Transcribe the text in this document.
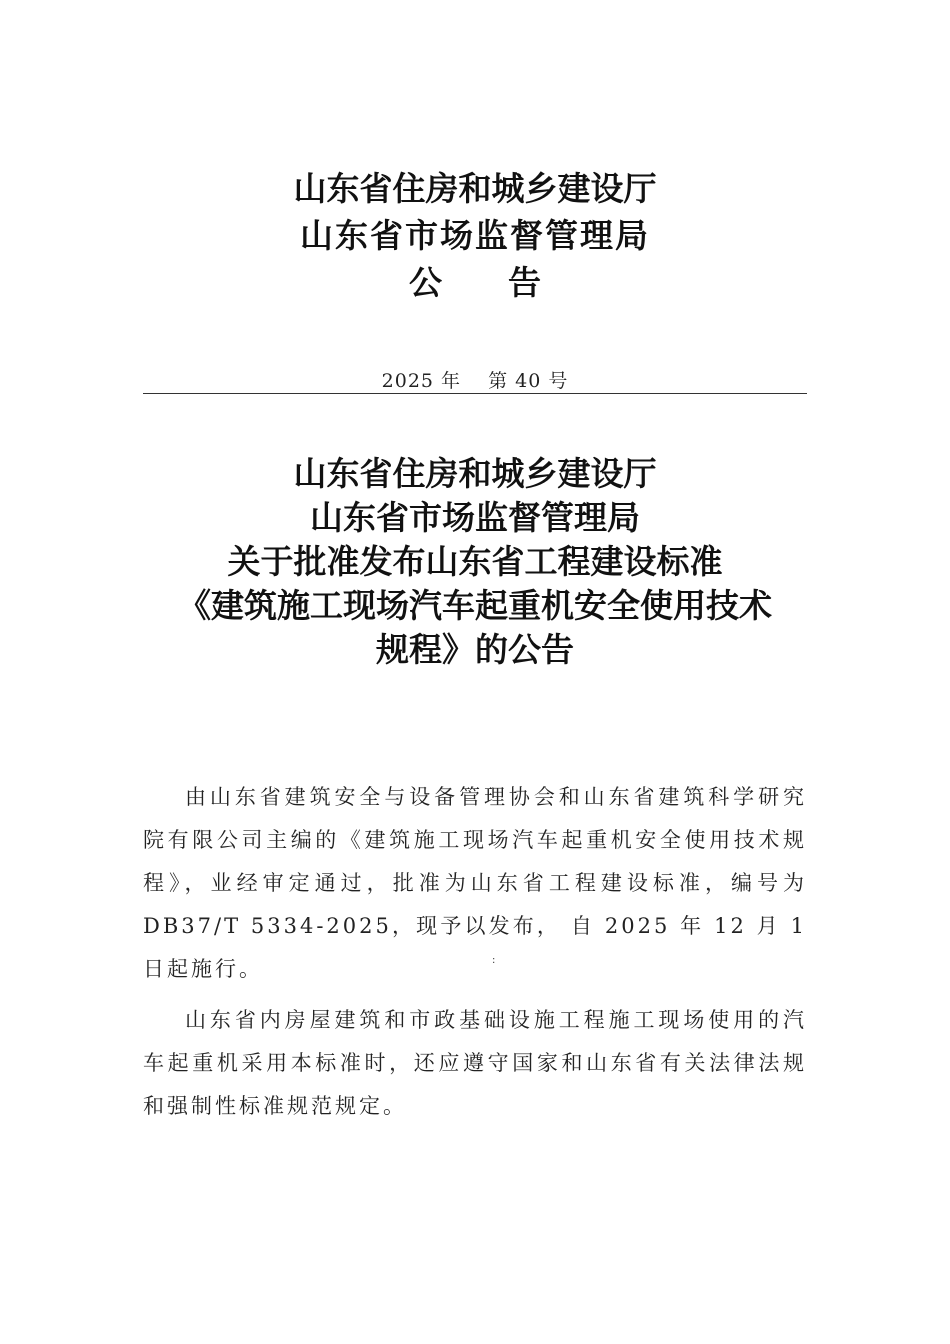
山东省住房和城乡建设厅
山东省市场监督管理局
公　　告
2025 年　 第 40 号
山东省住房和城乡建设厅
山东省市场监督管理局
关于批准发布山东省工程建设标准
《建筑施工现场汽车起重机安全使用技术
规程》的公告

由山东省建筑安全与设备管理协会和山东省建筑科学研究院有限公司主编的《建筑施工现场汽车起重机安全使用技术规程》，业经审定通过，批准为山东省工程建设标准，编号为 DB37/T 5334-2025，现予以发布， 自 2025 年 12 月 1日起施行。

山东省内房屋建筑和市政基础设施工程施工现场使用的汽车起重机采用本标准时，还应遵守国家和山东省有关法律法规和强制性标准规范规定。

:
